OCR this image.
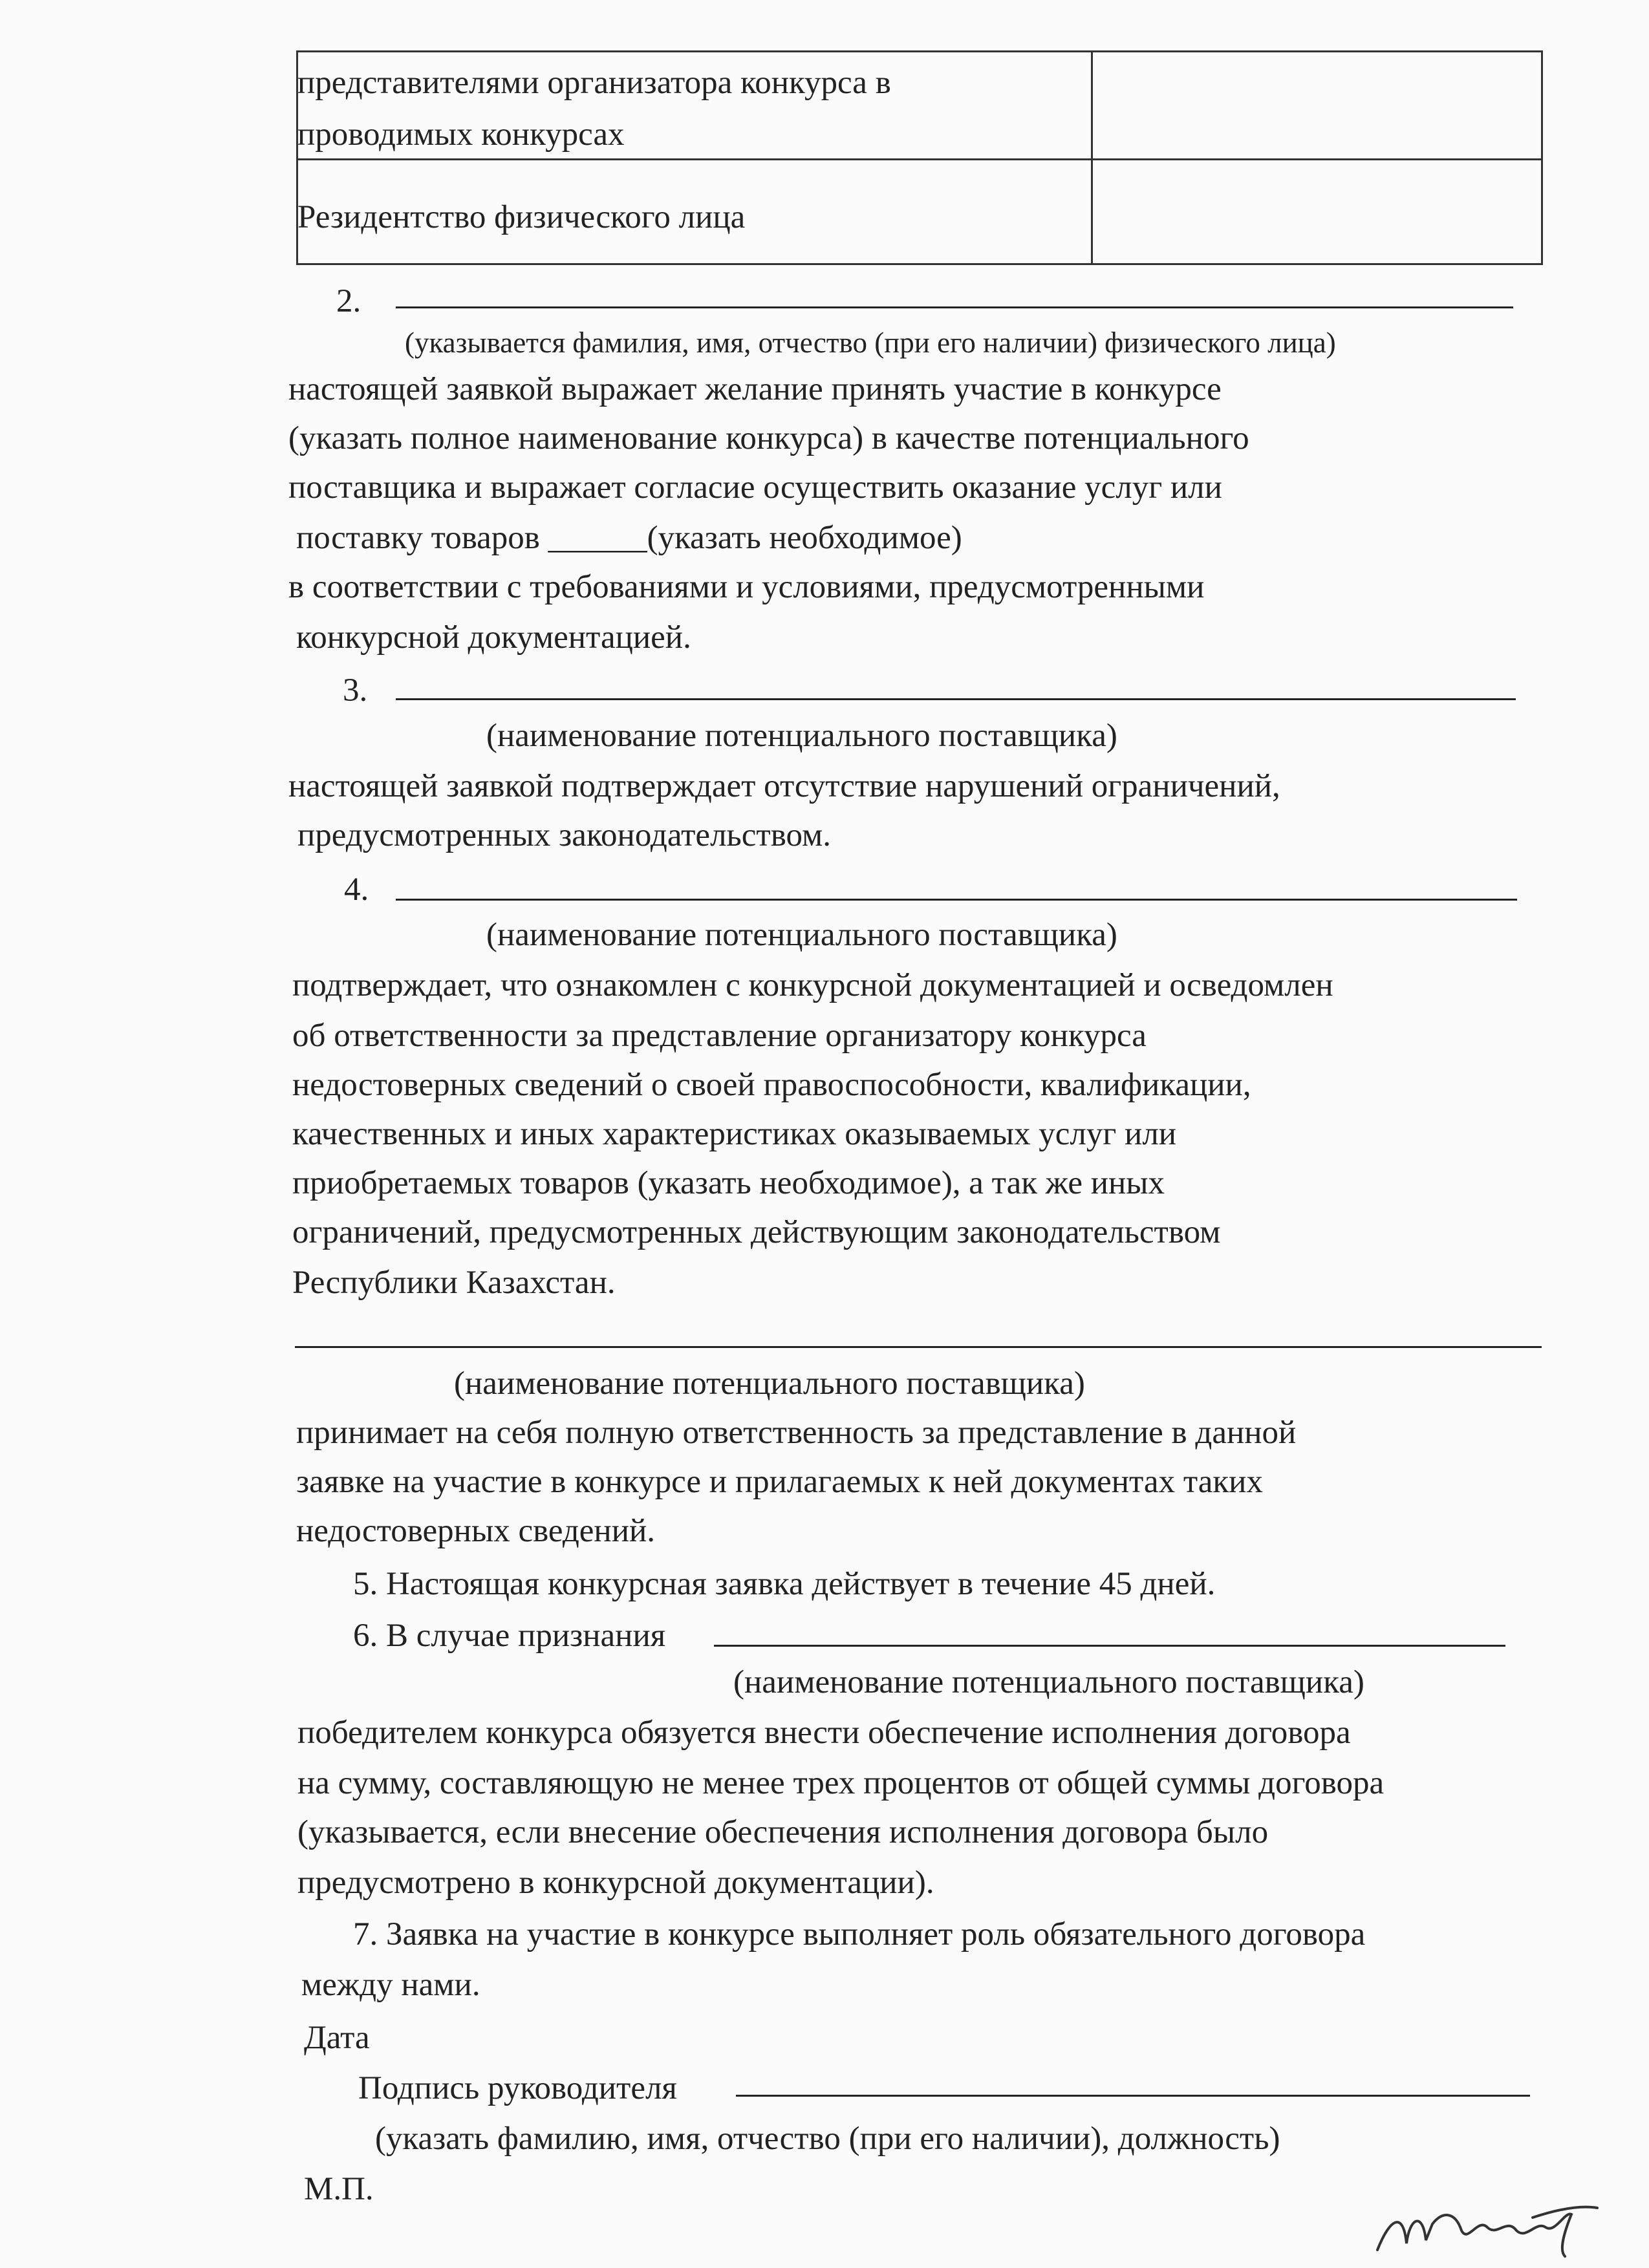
представителями организатора конкурса в
проводимых конкурсах
Резидентство физического лица
2.
(указывается фамилия, имя, отчество (при его наличии) физического лица)
настоящей заявкой выражает желание принять участие в конкурсе
(указать полное наименование конкурса) в качестве потенциального
поставщика и выражает согласие осуществить оказание услуг или
поставку товаров ______(указать необходимое)
в соответствии с требованиями и условиями, предусмотренными
конкурсной документацией.
3.
(наименование потенциального поставщика)
настоящей заявкой подтверждает отсутствие нарушений ограничений,
предусмотренных законодательством.
4.
(наименование потенциального поставщика)
подтверждает, что ознакомлен с конкурсной документацией и осведомлен
об ответственности за представление организатору конкурса
недостоверных сведений о своей правоспособности, квалификации,
качественных и иных характеристиках оказываемых услуг или
приобретаемых товаров (указать необходимое), а так же иных
ограничений, предусмотренных действующим законодательством
Республики Казахстан.
(наименование потенциального поставщика)
принимает на себя полную ответственность за представление в данной
заявке на участие в конкурсе и прилагаемых к ней документах таких
недостоверных сведений.
5. Настоящая конкурсная заявка действует в течение 45 дней.
6. В случае признания
(наименование потенциального поставщика)
победителем конкурса обязуется внести обеспечение исполнения договора
на сумму, составляющую не менее трех процентов от общей суммы договора
(указывается, если внесение обеспечения исполнения договора было
предусмотрено в конкурсной документации).
7. Заявка на участие в конкурсе выполняет роль обязательного договора
между нами.
Дата
Подпись руководителя
(указать фамилию, имя, отчество (при его наличии), должность)
М.П.
